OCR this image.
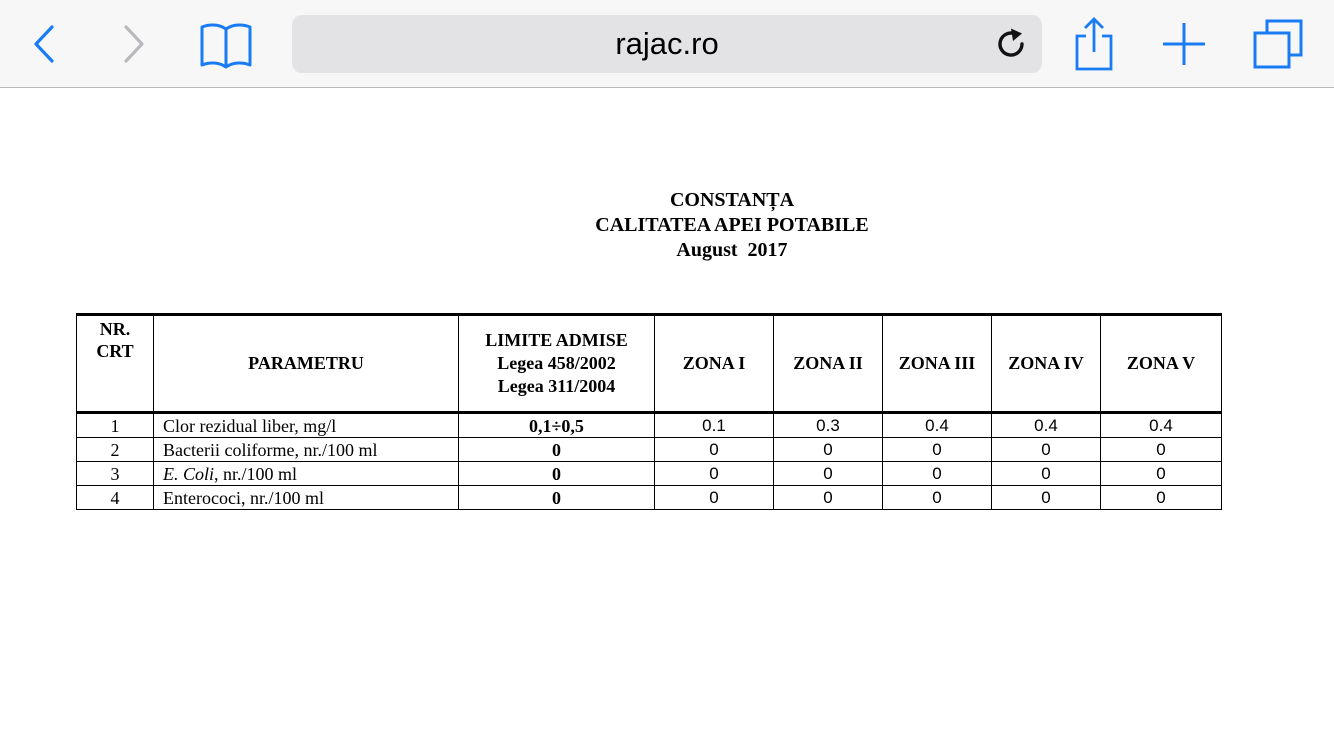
rajac.ro
CONSTANȚA
CALITATEA APEI POTABILE
August  2017
NR.
CRT	PARAMETRU	LIMITE ADMISE
Legea 458/2002
Legea 311/2004	ZONA I	ZONA II	ZONA III	ZONA IV	ZONA V
1	Clor rezidual liber, mg/l	0,1÷0,5	0.1	0.3	0.4	0.4	0.4
2	Bacterii coliforme, nr./100 ml	0	0	0	0	0	0
3	E. Coli, nr./100 ml	0	0	0	0	0	0
4	Enterococi, nr./100 ml	0	0	0	0	0	0
